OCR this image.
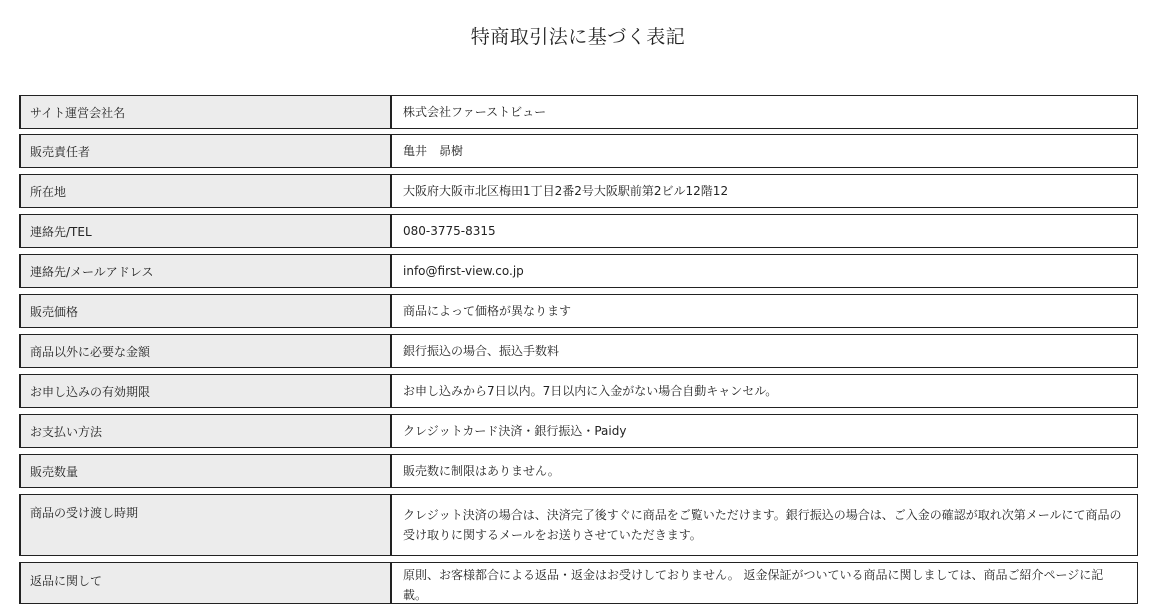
特商取引法に基づく表記
サイト運営会社名	株式会社ファーストビュー
販売責任者	亀井　昴樹
所在地	大阪府大阪市北区梅田1丁目2番2号大阪駅前第2ビル12階12
連絡先/TEL	080-3775-8315
連絡先/メールアドレス	info@first-view.co.jp
販売価格	商品によって価格が異なります
商品以外に必要な金額	銀行振込の場合、振込手数料
お申し込みの有効期限	お申し込みから7日以内。7日以内に入金がない場合自動キャンセル。
お支払い方法	クレジットカード決済・銀行振込・Paidy
販売数量	販売数に制限はありません。
商品の受け渡し時期	クレジット決済の場合は、決済完了後すぐに商品をご覧いただけます。銀行振込の場合は、ご入金の確認が取れ次第メールにて商品の受け取りに関するメールをお送りさせていただきます。
返品に関して	原則、お客様都合による返品・返金はお受けしておりません。 返金保証がついている商品に関しましては、商品ご紹介ページに記載。
